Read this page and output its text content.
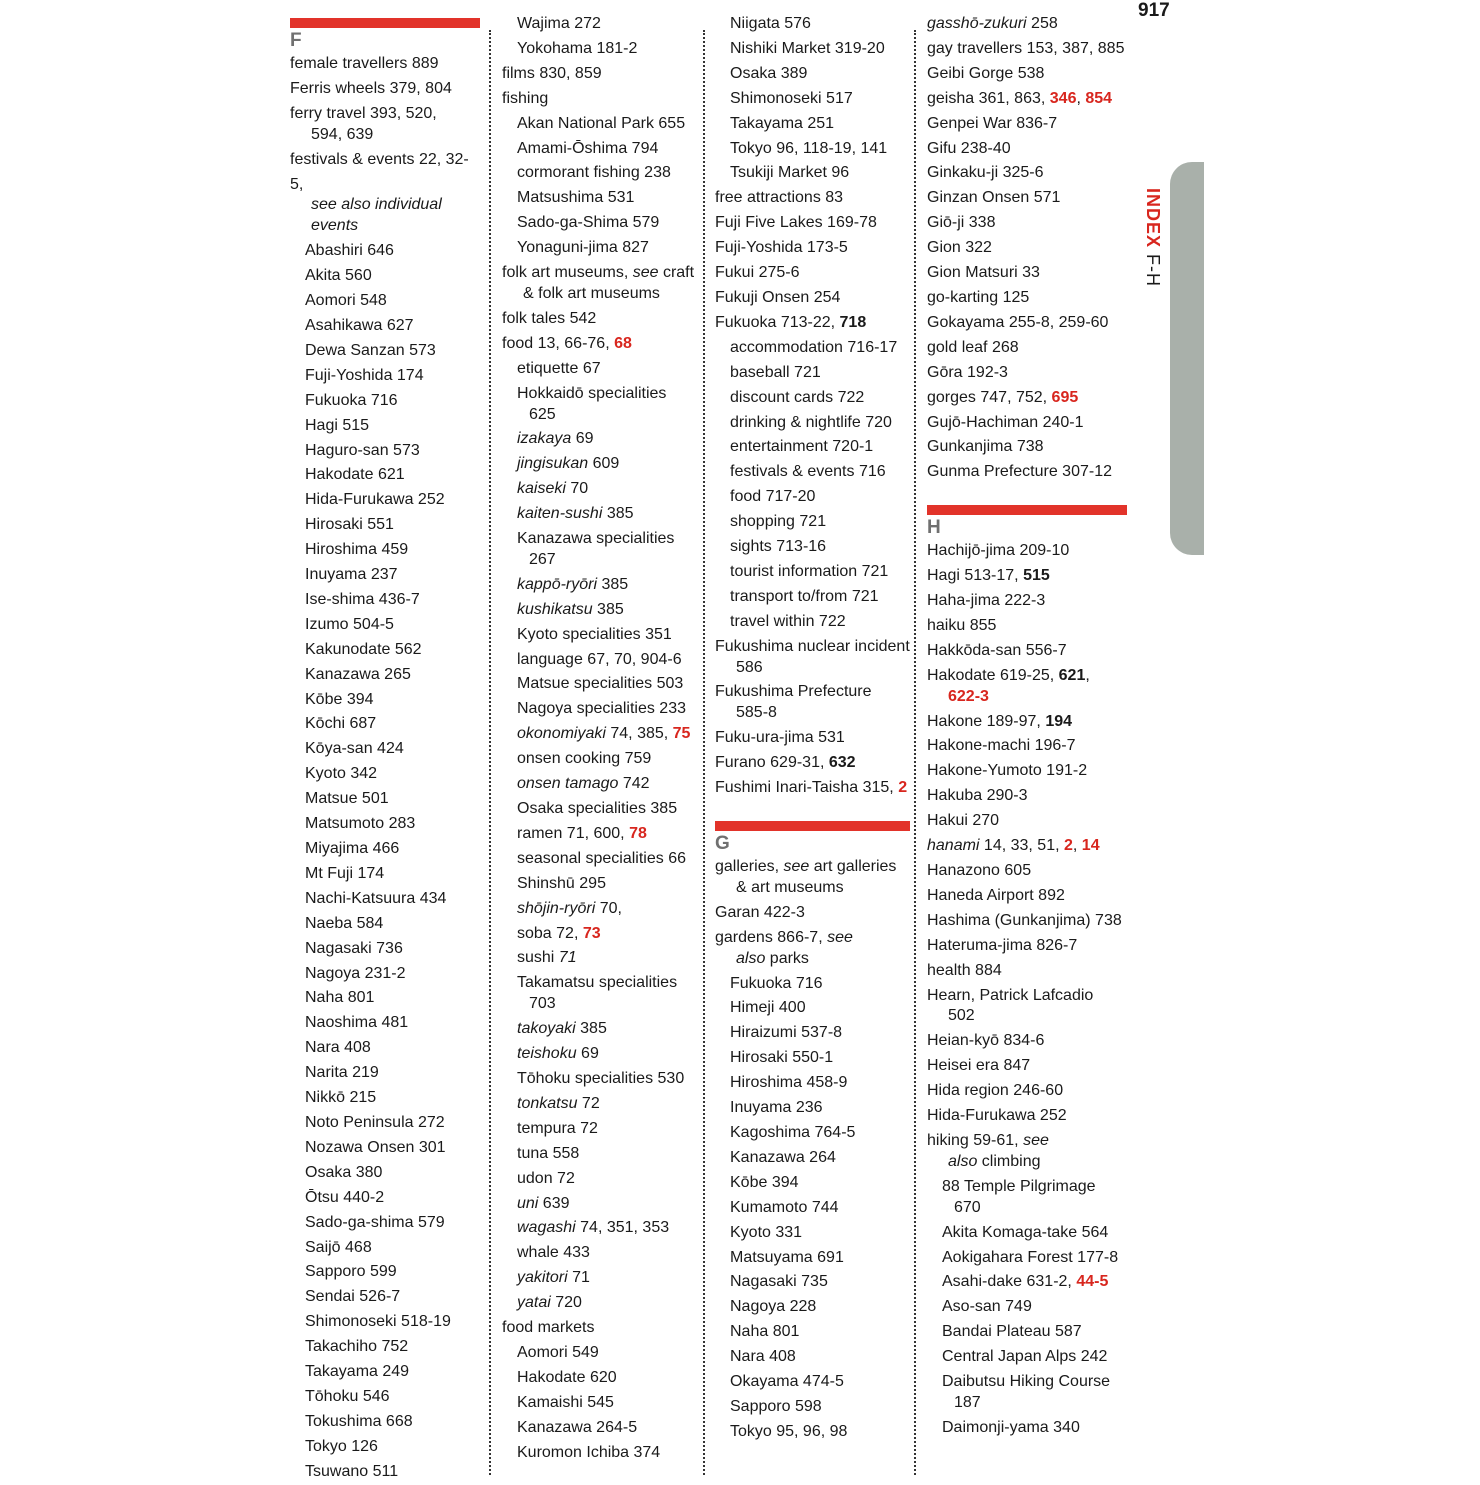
917
F
female travellers 889
Ferris wheels 379, 804
ferry travel 393, 520,
594, 639
festivals & events 22, 32-5,
see also individual
events
Abashiri 646
Akita 560
Aomori 548
Asahikawa 627
Dewa Sanzan 573
Fuji-Yoshida 174
Fukuoka 716
Hagi 515
Haguro-san 573
Hakodate 621
Hida-Furukawa 252
Hirosaki 551
Hiroshima 459
Inuyama 237
Ise-shima 436-7
Izumo 504-5
Kakunodate 562
Kanazawa 265
Kōbe 394
Kōchi 687
Kōya-san 424
Kyoto 342
Matsue 501
Matsumoto 283
Miyajima 466
Mt Fuji 174
Nachi-Katsuura 434
Naeba 584
Nagasaki 736
Nagoya 231-2
Naha 801
Naoshima 481
Nara 408
Narita 219
Nikkō 215
Noto Peninsula 272
Nozawa Onsen 301
Osaka 380
Ōtsu 440-2
Sado-ga-shima 579
Saijō 468
Sapporo 599
Sendai 526-7
Shimonoseki 518-19
Takachiho 752
Takayama 249
Tōhoku 546
Tokushima 668
Tokyo 126
Tsuwano 511
Wajima 272
Yokohama 181-2
films 830, 859
fishing
Akan National Park 655
Amami-Ōshima 794
cormorant fishing 238
Matsushima 531
Sado-ga-Shima 579
Yonaguni-jima 827
folk art museums, see craft
& folk art museums
folk tales 542
food 13, 66-76, 68
etiquette 67
Hokkaidō specialities
625
izakaya 69
jingisukan 609
kaiseki 70
kaiten-sushi 385
Kanazawa specialities
267
kappō-ryōri 385
kushikatsu 385
Kyoto specialities 351
language 67, 70, 904-6
Matsue specialities 503
Nagoya specialities 233
okonomiyaki 74, 385, 75
onsen cooking 759
onsen tamago 742
Osaka specialities 385
ramen 71, 600, 78
seasonal specialities 66
Shinshū 295
shōjin-ryōri 70,
soba 72, 73
sushi 71
Takamatsu specialities
703
takoyaki 385
teishoku 69
Tōhoku specialities 530
tonkatsu 72
tempura 72
tuna 558
udon 72
uni 639
wagashi 74, 351, 353
whale 433
yakitori 71
yatai 720
food markets
Aomori 549
Hakodate 620
Kamaishi 545
Kanazawa 264-5
Kuromon Ichiba 374
Niigata 576
Nishiki Market 319-20
Osaka 389
Shimonoseki 517
Takayama 251
Tokyo 96, 118-19, 141
Tsukiji Market 96
free attractions 83
Fuji Five Lakes 169-78
Fuji-Yoshida 173-5
Fukui 275-6
Fukuji Onsen 254
Fukuoka 713-22, 718
accommodation 716-17
baseball 721
discount cards 722
drinking & nightlife 720
entertainment 720-1
festivals & events 716
food 717-20
shopping 721
sights 713-16
tourist information 721
transport to/from 721
travel within 722
Fukushima nuclear incident
586
Fukushima Prefecture
585-8
Fuku-ura-jima 531
Furano 629-31, 632
Fushimi Inari-Taisha 315, 2
G
galleries, see art galleries
& art museums
Garan 422-3
gardens 866-7, see
also parks
Fukuoka 716
Himeji 400
Hiraizumi 537-8
Hirosaki 550-1
Hiroshima 458-9
Inuyama 236
Kagoshima 764-5
Kanazawa 264
Kōbe 394
Kumamoto 744
Kyoto 331
Matsuyama 691
Nagasaki 735
Nagoya 228
Naha 801
Nara 408
Okayama 474-5
Sapporo 598
Tokyo 95, 96, 98
gasshō-zukuri 258
gay travellers 153, 387, 885
Geibi Gorge 538
geisha 361, 863, 346, 854
Genpei War 836-7
Gifu 238-40
Ginkaku-ji 325-6
Ginzan Onsen 571
Giō-ji 338
Gion 322
Gion Matsuri 33
go-karting 125
Gokayama 255-8, 259-60
gold leaf 268
Gōra 192-3
gorges 747, 752, 695
Gujō-Hachiman 240-1
Gunkanjima 738
Gunma Prefecture 307-12
H
Hachijō-jima 209-10
Hagi 513-17, 515
Haha-jima 222-3
haiku 855
Hakkōda-san 556-7
Hakodate 619-25, 621,
622-3
Hakone 189-97, 194
Hakone-machi 196-7
Hakone-Yumoto 191-2
Hakuba 290-3
Hakui 270
hanami 14, 33, 51, 2, 14
Hanazono 605
Haneda Airport 892
Hashima (Gunkanjima) 738
Hateruma-jima 826-7
health 884
Hearn, Patrick Lafcadio
502
Heian-kyō 834-6
Heisei era 847
Hida region 246-60
Hida-Furukawa 252
hiking 59-61, see
also climbing
88 Temple Pilgrimage
670
Akita Komaga-take 564
Aokigahara Forest 177-8
Asahi-dake 631-2, 44-5
Aso-san 749
Bandai Plateau 587
Central Japan Alps 242
Daibutsu Hiking Course
187
Daimonji-yama 340
INDEX F-H
